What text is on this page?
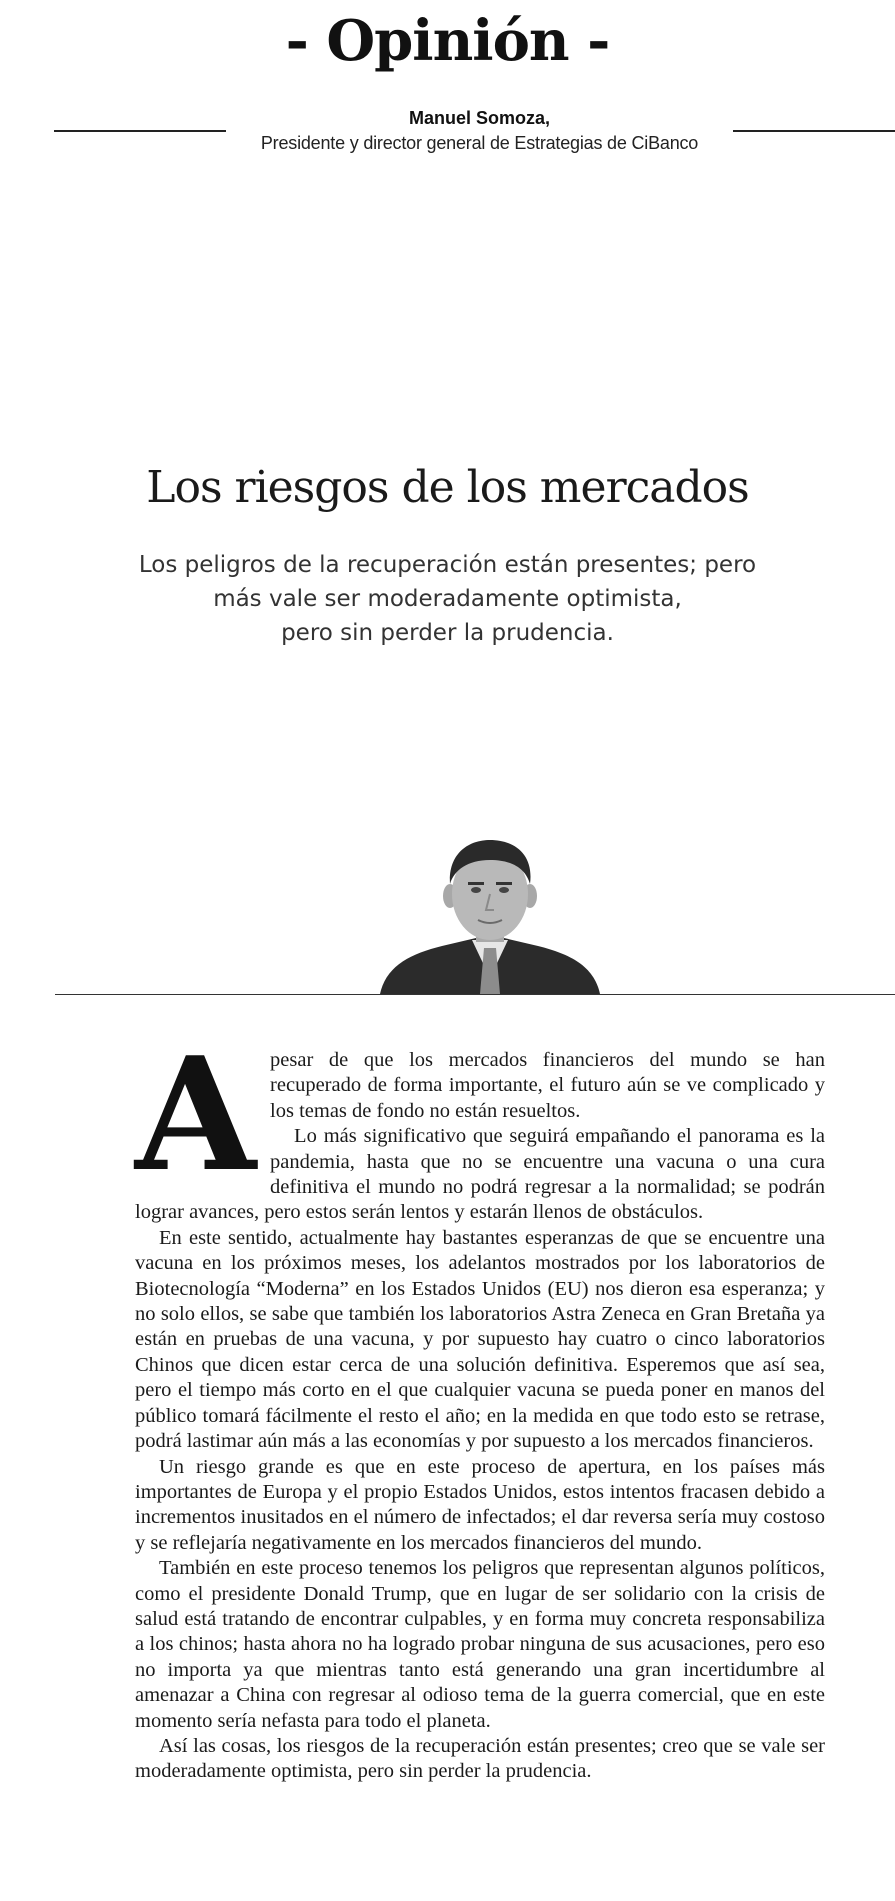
- Opinión -
Manuel Somoza,
Presidente y director general de Estrategias de CiBanco
Los riesgos de los mercados
Los peligros de la recuperación están presentes; pero
más vale ser moderadamente optimista,
pero sin perder la prudencia.

A pesar de que los mercados financieros del mundo se han recuperado de forma importante, el futuro aún se ve complicado y los temas de fondo no están resueltos.

Lo más significativo que seguirá empañando el panorama es la pandemia, hasta que no se encuentre una vacuna o una cura definitiva el mundo no podrá regresar a la normalidad; se podrán lograr avances, pero estos serán lentos y estarán llenos de obstáculos.

En este sentido, actualmente hay bastantes esperanzas de que se encuentre una vacuna en los próximos meses, los adelantos mostrados por los laboratorios de Biotecnología “Moderna” en los Estados Unidos (EU) nos dieron esa esperanza; y no solo ellos, se sabe que también los laboratorios Astra Zeneca en Gran Bretaña ya están en pruebas de una vacuna, y por supuesto hay cuatro o cinco laboratorios Chinos que dicen estar cerca de una solución definitiva. Esperemos que así sea, pero el tiempo más corto en el que cualquier vacuna se pueda poner en manos del público tomará fácilmente el resto el año; en la medida en que todo esto se retrase, podrá lastimar aún más a las economías y por supuesto a los mercados financieros.

Un riesgo grande es que en este proceso de apertura, en los países más importantes de Europa y el propio Estados Unidos, estos intentos fracasen debido a incrementos inusitados en el número de infectados; el dar reversa sería muy costoso y se reflejaría negativamente en los mercados financieros del mundo.

También en este proceso tenemos los peligros que representan algunos políticos, como el presidente Donald Trump, que en lugar de ser solidario con la crisis de salud está tratando de encontrar culpables, y en forma muy concreta responsabiliza a los chinos; hasta ahora no ha logrado probar ninguna de sus acusaciones, pero eso no importa ya que mientras tanto está generando una gran incertidumbre al amenazar a China con regresar al odioso tema de la guerra comercial, que en este momento sería nefasta para todo el planeta.

Así las cosas, los riesgos de la recuperación están presentes; creo que se vale ser moderadamente optimista, pero sin perder la prudencia.
